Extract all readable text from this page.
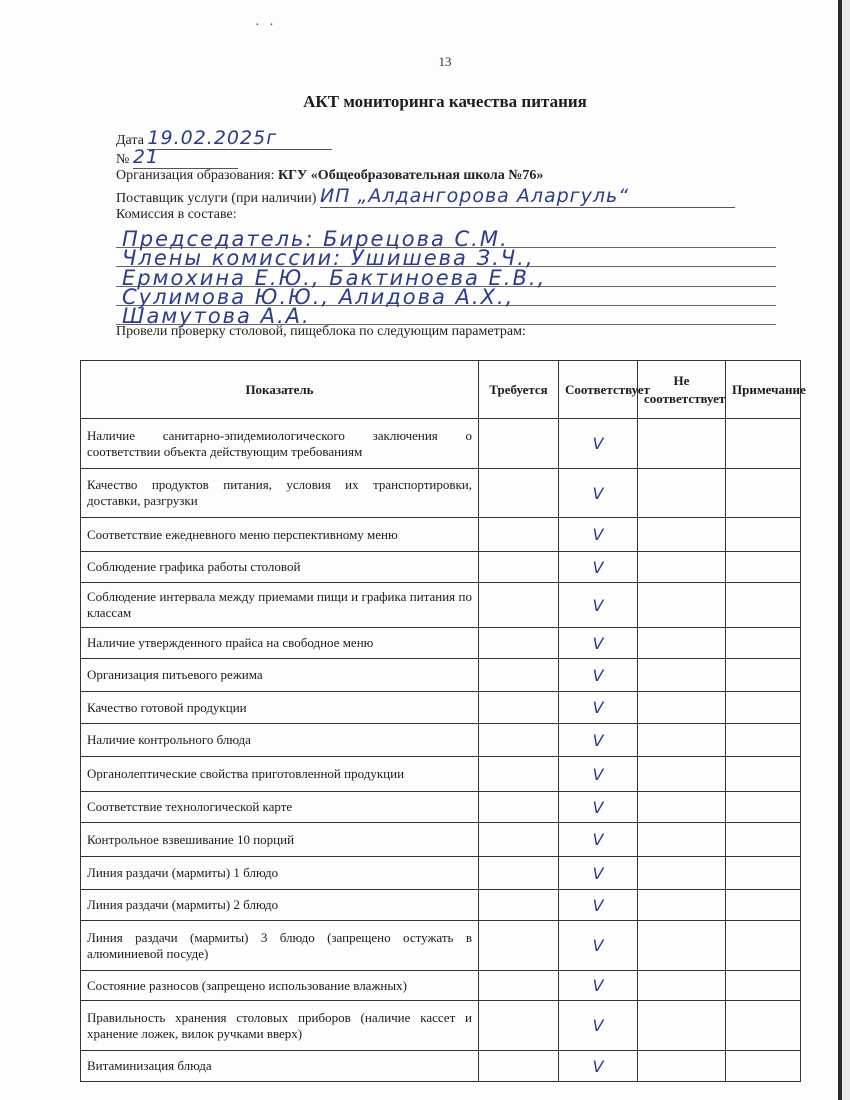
· ·
13
АКТ мониторинга качества питания
Дата 19.02.2025г
№ 21
Организация образования: КГУ «Общеобразовательная школа №76»
Поставщик услуги (при наличии) ИП „Алдангорова Аларгуль“
Комиссия в составе:
Председатель: Бирецова С.М.
Члены комиссии: Ушишева З.Ч.,
Ермохина Е.Ю., Бактиноева Е.В.,
Сулимова Ю.Ю., Алидова А.Х.,
Шамутова А.А.
Провели проверку столовой, пищеблока по следующим параметрам:
Показатель	Требуется	Соответствует	Не соответствует	Примечание
Наличие санитарно-эпидемиологического заключения о соответствии объекта действующим требованиям		V		
Качество продуктов питания, условия их транспортировки, доставки, разгрузки		V		
Соответствие ежедневного меню перспективному меню		V		
Соблюдение графика работы столовой		V		
Соблюдение интервала между приемами пищи и графика питания по классам		V		
Наличие утвержденного прайса на свободное меню		V		
Организация питьевого режима		V		
Качество готовой продукции		V		
Наличие контрольного блюда		V		
Органолептические свойства приготовленной продукции		V		
Соответствие технологической карте		V		
Контрольное взвешивание 10 порций		V		
Линия раздачи (мармиты) 1 блюдо		V		
Линия раздачи (мармиты) 2 блюдо		V		
Линия раздачи (мармиты) 3 блюдо (запрещено остужать в алюминиевой посуде)		V		
Состояние разносов (запрещено использование влажных)		V		
Правильность хранения столовых приборов (наличие кассет и хранение ложек, вилок ручками вверх)		V		
Витаминизация блюда		V		
